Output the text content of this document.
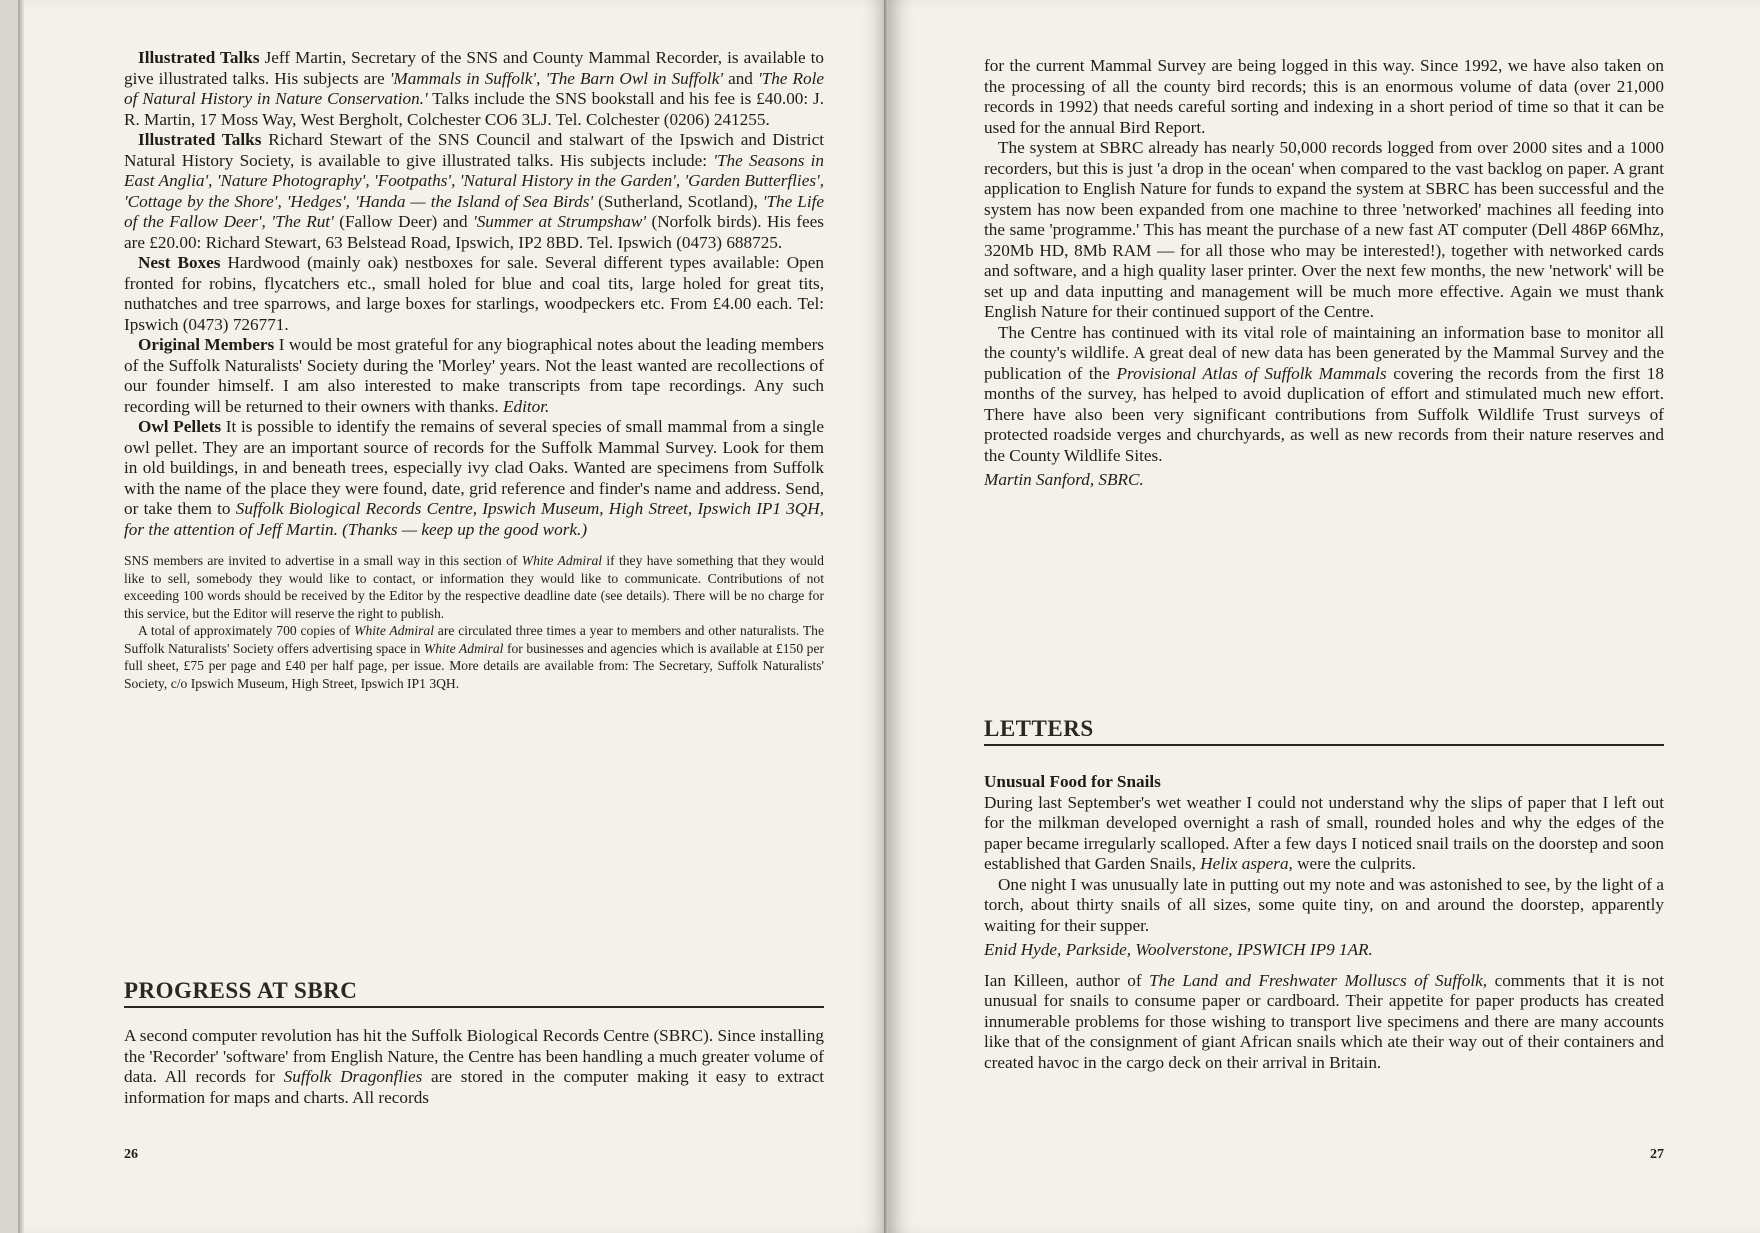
Illustrated Talks Jeff Martin, Secretary of the SNS and County Mammal Recorder, is available to give illustrated talks. His subjects are 'Mammals in Suffolk', 'The Barn Owl in Suffolk' and 'The Role of Natural History in Nature Conservation.' Talks include the SNS bookstall and his fee is £40.00: J. R. Martin, 17 Moss Way, West Bergholt, Colchester CO6 3LJ. Tel. Colchester (0206) 241255.

Illustrated Talks Richard Stewart of the SNS Council and stalwart of the Ipswich and District Natural History Society, is available to give illustrated talks. His subjects include: 'The Seasons in East Anglia', 'Nature Photography', 'Footpaths', 'Natural History in the Garden', 'Garden Butterflies', 'Cottage by the Shore', 'Hedges', 'Handa — the Island of Sea Birds' (Sutherland, Scotland), 'The Life of the Fallow Deer', 'The Rut' (Fallow Deer) and 'Summer at Strumpshaw' (Norfolk birds). His fees are £20.00: Richard Stewart, 63 Belstead Road, Ipswich, IP2 8BD. Tel. Ipswich (0473) 688725.

Nest Boxes Hardwood (mainly oak) nestboxes for sale. Several different types available: Open fronted for robins, flycatchers etc., small holed for blue and coal tits, large holed for great tits, nuthatches and tree sparrows, and large boxes for starlings, woodpeckers etc. From £4.00 each. Tel: Ipswich (0473) 726771.

Original Members I would be most grateful for any biographical notes about the leading members of the Suffolk Naturalists' Society during the 'Morley' years. Not the least wanted are recollections of our founder himself. I am also interested to make transcripts from tape recordings. Any such recording will be returned to their owners with thanks. Editor.

Owl Pellets It is possible to identify the remains of several species of small mammal from a single owl pellet. They are an important source of records for the Suffolk Mammal Survey. Look for them in old buildings, in and beneath trees, especially ivy clad Oaks. Wanted are specimens from Suffolk with the name of the place they were found, date, grid reference and finder's name and address. Send, or take them to Suffolk Biological Records Centre, Ipswich Museum, High Street, Ipswich IP1 3QH, for the attention of Jeff Martin. (Thanks — keep up the good work.)

SNS members are invited to advertise in a small way in this section of White Admiral if they have something that they would like to sell, somebody they would like to contact, or information they would like to communicate. Contributions of not exceeding 100 words should be received by the Editor by the respective deadline date (see details). There will be no charge for this service, but the Editor will reserve the right to publish.

A total of approximately 700 copies of White Admiral are circulated three times a year to members and other naturalists. The Suffolk Naturalists' Society offers advertising space in White Admiral for businesses and agencies which is available at £150 per full sheet, £75 per page and £40 per half page, per issue. More details are available from: The Secretary, Suffolk Naturalists' Society, c/o Ipswich Museum, High Street, Ipswich IP1 3QH.

PROGRESS AT SBRC

A second computer revolution has hit the Suffolk Biological Records Centre (SBRC). Since installing the 'Recorder' 'software' from English Nature, the Centre has been handling a much greater volume of data. All records for Suffolk Dragonflies are stored in the computer making it easy to extract information for maps and charts. All records

26

for the current Mammal Survey are being logged in this way. Since 1992, we have also taken on the processing of all the county bird records; this is an enormous volume of data (over 21,000 records in 1992) that needs careful sorting and indexing in a short period of time so that it can be used for the annual Bird Report.

The system at SBRC already has nearly 50,000 records logged from over 2000 sites and a 1000 recorders, but this is just 'a drop in the ocean' when compared to the vast backlog on paper. A grant application to English Nature for funds to expand the system at SBRC has been successful and the system has now been expanded from one machine to three 'networked' machines all feeding into the same 'programme.' This has meant the purchase of a new fast AT computer (Dell 486P 66Mhz, 320Mb HD, 8Mb RAM — for all those who may be interested!), together with networked cards and software, and a high quality laser printer. Over the next few months, the new 'network' will be set up and data inputting and management will be much more effective. Again we must thank English Nature for their continued support of the Centre.

The Centre has continued with its vital role of maintaining an information base to monitor all the county's wildlife. A great deal of new data has been generated by the Mammal Survey and the publication of the Provisional Atlas of Suffolk Mammals covering the records from the first 18 months of the survey, has helped to avoid duplication of effort and stimulated much new effort. There have also been very significant contributions from Suffolk Wildlife Trust surveys of protected roadside verges and churchyards, as well as new records from their nature reserves and the County Wildlife Sites.

Martin Sanford, SBRC.

LETTERS

Unusual Food for Snails

During last September's wet weather I could not understand why the slips of paper that I left out for the milkman developed overnight a rash of small, rounded holes and why the edges of the paper became irregularly scalloped. After a few days I noticed snail trails on the doorstep and soon established that Garden Snails, Helix aspera, were the culprits.

One night I was unusually late in putting out my note and was astonished to see, by the light of a torch, about thirty snails of all sizes, some quite tiny, on and around the doorstep, apparently waiting for their supper.

Enid Hyde, Parkside, Woolverstone, IPSWICH IP9 1AR.

Ian Killeen, author of The Land and Freshwater Molluscs of Suffolk, comments that it is not unusual for snails to consume paper or cardboard. Their appetite for paper products has created innumerable problems for those wishing to transport live specimens and there are many accounts like that of the consignment of giant African snails which ate their way out of their containers and created havoc in the cargo deck on their arrival in Britain.

27
